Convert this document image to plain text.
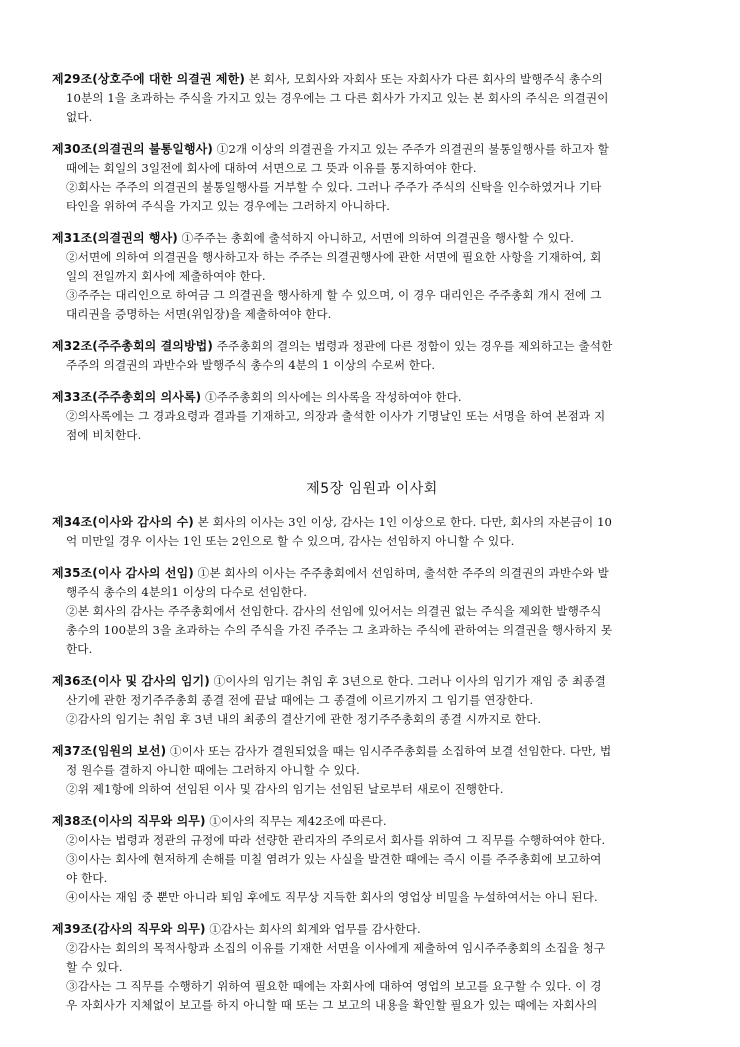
제29조(상호주에 대한 의결권 제한) 본 회사, 모회사와 자회사 또는 자회사가 다른 회사의 발행주식 총수의
10분의 1을 초과하는 주식을 가지고 있는 경우에는 그 다른 회사가 가지고 있는 본 회사의 주식은 의결권이
없다.
제30조(의결권의 불통일행사) ①2개 이상의 의결권을 가지고 있는 주주가 의결권의 불통일행사를 하고자 할
때에는 회일의 3일전에 회사에 대하여 서면으로 그 뜻과 이유를 통지하여야 한다.
②회사는 주주의 의결권의 불통일행사를 거부할 수 있다. 그러나 주주가 주식의 신탁을 인수하였거나 기타
타인을 위하여 주식을 가지고 있는 경우에는 그러하지 아니하다.
제31조(의결권의 행사) ①주주는 총회에 출석하지 아니하고, 서면에 의하여 의결권을 행사할 수 있다.
②서면에 의하여 의결권을 행사하고자 하는 주주는 의결권행사에 관한 서면에 필요한 사항을 기재하여, 회
일의 전일까지 회사에 제출하여야 한다.
③주주는 대리인으로 하여금 그 의결권을 행사하게 할 수 있으며, 이 경우 대리인은 주주총회 개시 전에 그
대리권을 증명하는 서면(위임장)을 제출하여야 한다.
제32조(주주총회의 결의방법) 주주총회의 결의는 법령과 정관에 다른 정함이 있는 경우를 제외하고는 출석한
주주의 의결권의 과반수와 발행주식 총수의 4분의 1 이상의 수로써 한다.
제33조(주주총회의 의사록) ①주주총회의 의사에는 의사록을 작성하여야 한다.
②의사록에는 그 경과요령과 결과를 기재하고, 의장과 출석한 이사가 기명날인 또는 서명을 하여 본점과 지
점에 비치한다.
제5장 임원과 이사회
제34조(이사와 감사의 수) 본 회사의 이사는 3인 이상, 감사는 1인 이상으로 한다. 다만, 회사의 자본금이 10
억 미만일 경우 이사는 1인 또는 2인으로 할 수 있으며, 감사는 선임하지 아니할 수 있다.
제35조(이사 감사의 선임) ①본 회사의 이사는 주주총회에서 선임하며, 출석한 주주의 의결권의 과반수와 발
행주식 총수의 4분의1 이상의 다수로 선임한다.
②본 회사의 감사는 주주총회에서 선임한다. 감사의 선임에 있어서는 의결권 없는 주식을 제외한 발행주식
총수의 100분의 3을 초과하는 수의 주식을 가진 주주는 그 초과하는 주식에 관하여는 의결권을 행사하지 못
한다.
제36조(이사 및 감사의 임기) ①이사의 임기는 취임 후 3년으로 한다. 그러나 이사의 임기가 재임 중 최종결
산기에 관한 정기주주총회 종결 전에 끝날 때에는 그 종결에 이르기까지 그 임기를 연장한다.
②감사의 임기는 취임 후 3년 내의 최종의 결산기에 관한 정기주주총회의 종결 시까지로 한다.
제37조(임원의 보선) ①이사 또는 감사가 결원되었을 때는 임시주주총회를 소집하여 보결 선임한다. 다만, 법
정 원수를 결하지 아니한 때에는 그러하지 아니할 수 있다.
②위 제1항에 의하여 선임된 이사 및 감사의 임기는 선임된 날로부터 새로이 진행한다.
제38조(이사의 직무와 의무) ①이사의 직무는 제42조에 따른다.
②이사는 법령과 정관의 규정에 따라 선량한 관리자의 주의로서 회사를 위하여 그 직무를 수행하여야 한다.
③이사는 회사에 현저하게 손해를 미칠 염려가 있는 사실을 발견한 때에는 즉시 이를 주주총회에 보고하여
야 한다.
④이사는 재임 중 뿐만 아니라 퇴임 후에도 직무상 지득한 회사의 영업상 비밀을 누설하여서는 아니 된다.
제39조(감사의 직무와 의무) ①감사는 회사의 회계와 업무를 감사한다.
②감사는 회의의 목적사항과 소집의 이유를 기재한 서면을 이사에게 제출하여 임시주주총회의 소집을 청구
할 수 있다.
③감사는 그 직무를 수행하기 위하여 필요한 때에는 자회사에 대하여 영업의 보고를 요구할 수 있다. 이 경
우 자회사가 지체없이 보고를 하지 아니할 때 또는 그 보고의 내용을 확인할 필요가 있는 때에는 자회사의
